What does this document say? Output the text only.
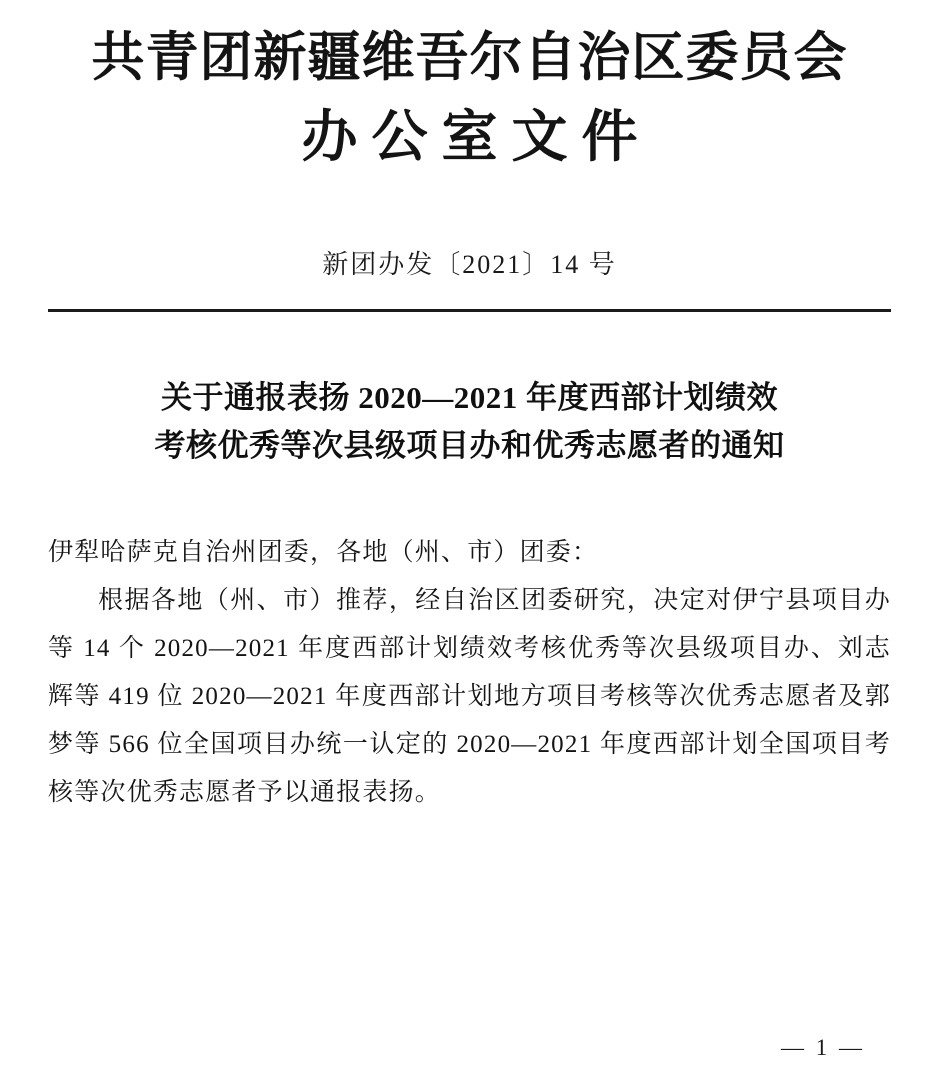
共青团新疆维吾尔自治区委员会
办公室文件
新团办发〔2021〕14 号
关于通报表扬 2020—2021 年度西部计划绩效
考核优秀等次县级项目办和优秀志愿者的通知

伊犁哈萨克自治州团委，各地（州、市）团委：

根据各地（州、市）推荐，经自治区团委研究，决定对伊宁县项目办等 14 个 2020—2021 年度西部计划绩效考核优秀等次县级项目办、刘志辉等 419 位 2020—2021 年度西部计划地方项目考核等次优秀志愿者及郭梦等 566 位全国项目办统一认定的 2020—2021 年度西部计划全国项目考核等次优秀志愿者予以通报表扬。

— 1 —
